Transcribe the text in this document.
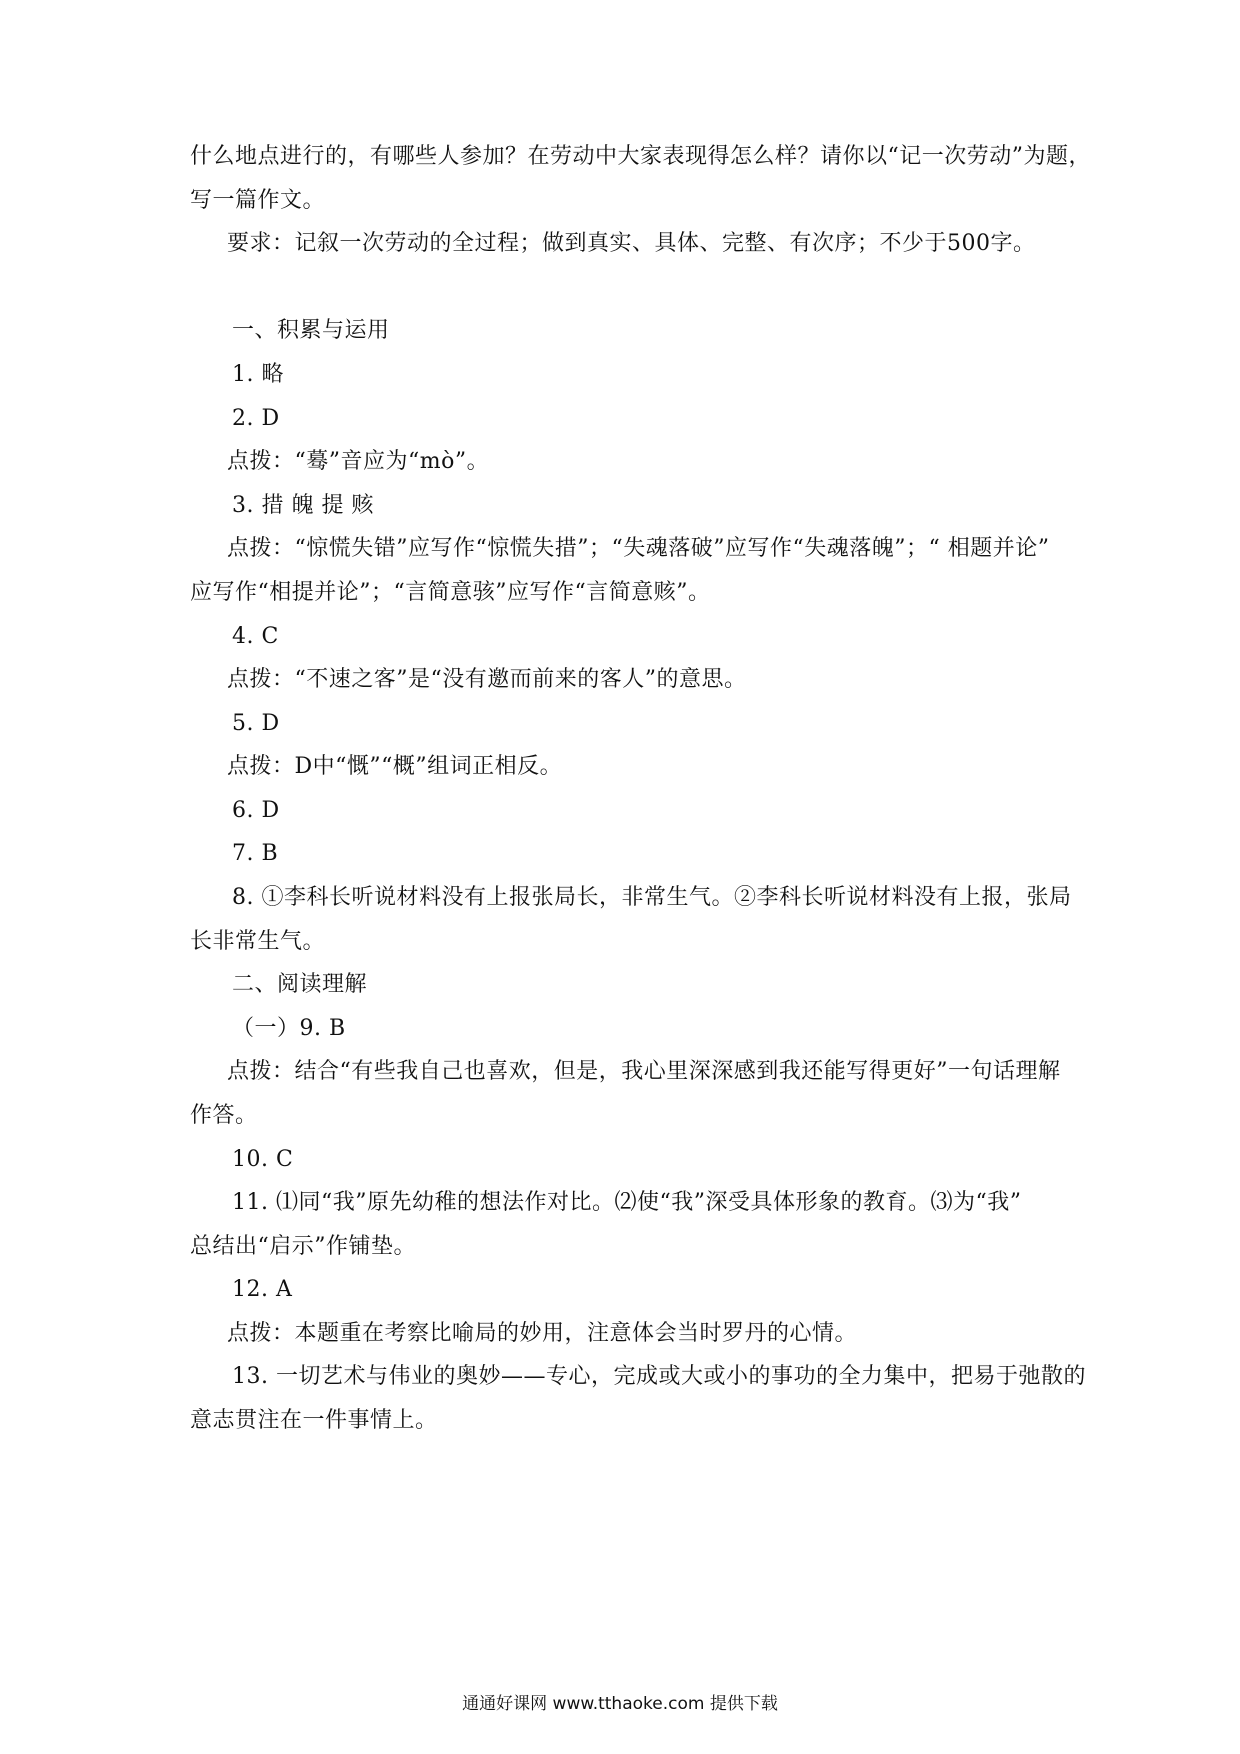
什么地点进行的，有哪些人参加？在劳动中大家表现得怎么样？请你以“记一次劳动”为题，
写一篇作文。
要求：记叙一次劳动的全过程；做到真实、具体、完整、有次序；不少于500字。
一、积累与运用
1. 略
2. D
点拨：“蓦”音应为“mò”。
3. 措 魄 提 赅
点拨：“惊慌失错”应写作“惊慌失措”；“失魂落破”应写作“失魂落魄”；“ 相题并论”
应写作“相提并论”；“言简意骇”应写作“言简意赅”。
4. C
点拨：“不速之客”是“没有邀而前来的客人”的意思。
5. D
点拨：D中“慨”“概”组词正相反。
6. D
7. B
8. ①李科长听说材料没有上报张局长，非常生气。②李科长听说材料没有上报，张局
长非常生气。
二、阅读理解
（一）9. B
点拨：结合“有些我自己也喜欢，但是，我心里深深感到我还能写得更好”一句话理解
作答。
10. C
11. ⑴同“我”原先幼稚的想法作对比。⑵使“我”深受具体形象的教育。⑶为“我”
总结出“启示”作铺垫。
12. A
点拨：本题重在考察比喻局的妙用，注意体会当时罗丹的心情。
13. 一切艺术与伟业的奥妙——专心，完成或大或小的事功的全力集中，把易于弛散的
意志贯注在一件事情上。
通通好课网 www.tthaoke.com 提供下载
